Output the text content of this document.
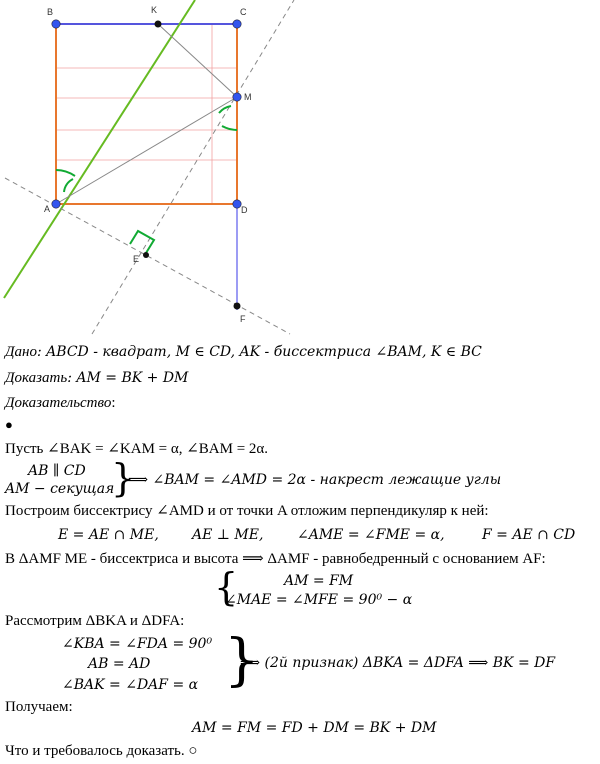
B	K	C
M
A	D
E
F
Дано: ABCD - квадрат, M ∈ CD, AK - биссектриса ∠BAM, K ∈ BC
Доказать: AM = BK + DM
Доказательство:
●
Пусть ∠BAK = ∠KAM = α, ∠BAM = 2α.
AB ∥ CD
AM − секущая
}
⟹ ∠BAM = ∠AMD = 2α - накрест лежащие углы
Построим биссектрису ∠AMD и от точки A отложим перпендикуляр к ней:
E = AE ∩ ME, AE ⊥ ME, ∠AME = ∠FME = α,	F = AE ∩ CD
В ΔAMF ME - биссектриса и высота ⟹ ΔAMF - равнобедренный с основанием AF:
{	AM = FM
∠MAE = ∠MFE = 90⁰ − α
Рассмотрим ΔBKA и ΔDFA:
∠KBA = ∠FDA = 90⁰
AB = AD
∠BAK = ∠DAF = α }
⟹ (2й признак) ΔBKA = ΔDFA ⟹ BK = DF
Получаем:
AM = FM = FD + DM = BK + DM
Что и требовалось доказать. ○
